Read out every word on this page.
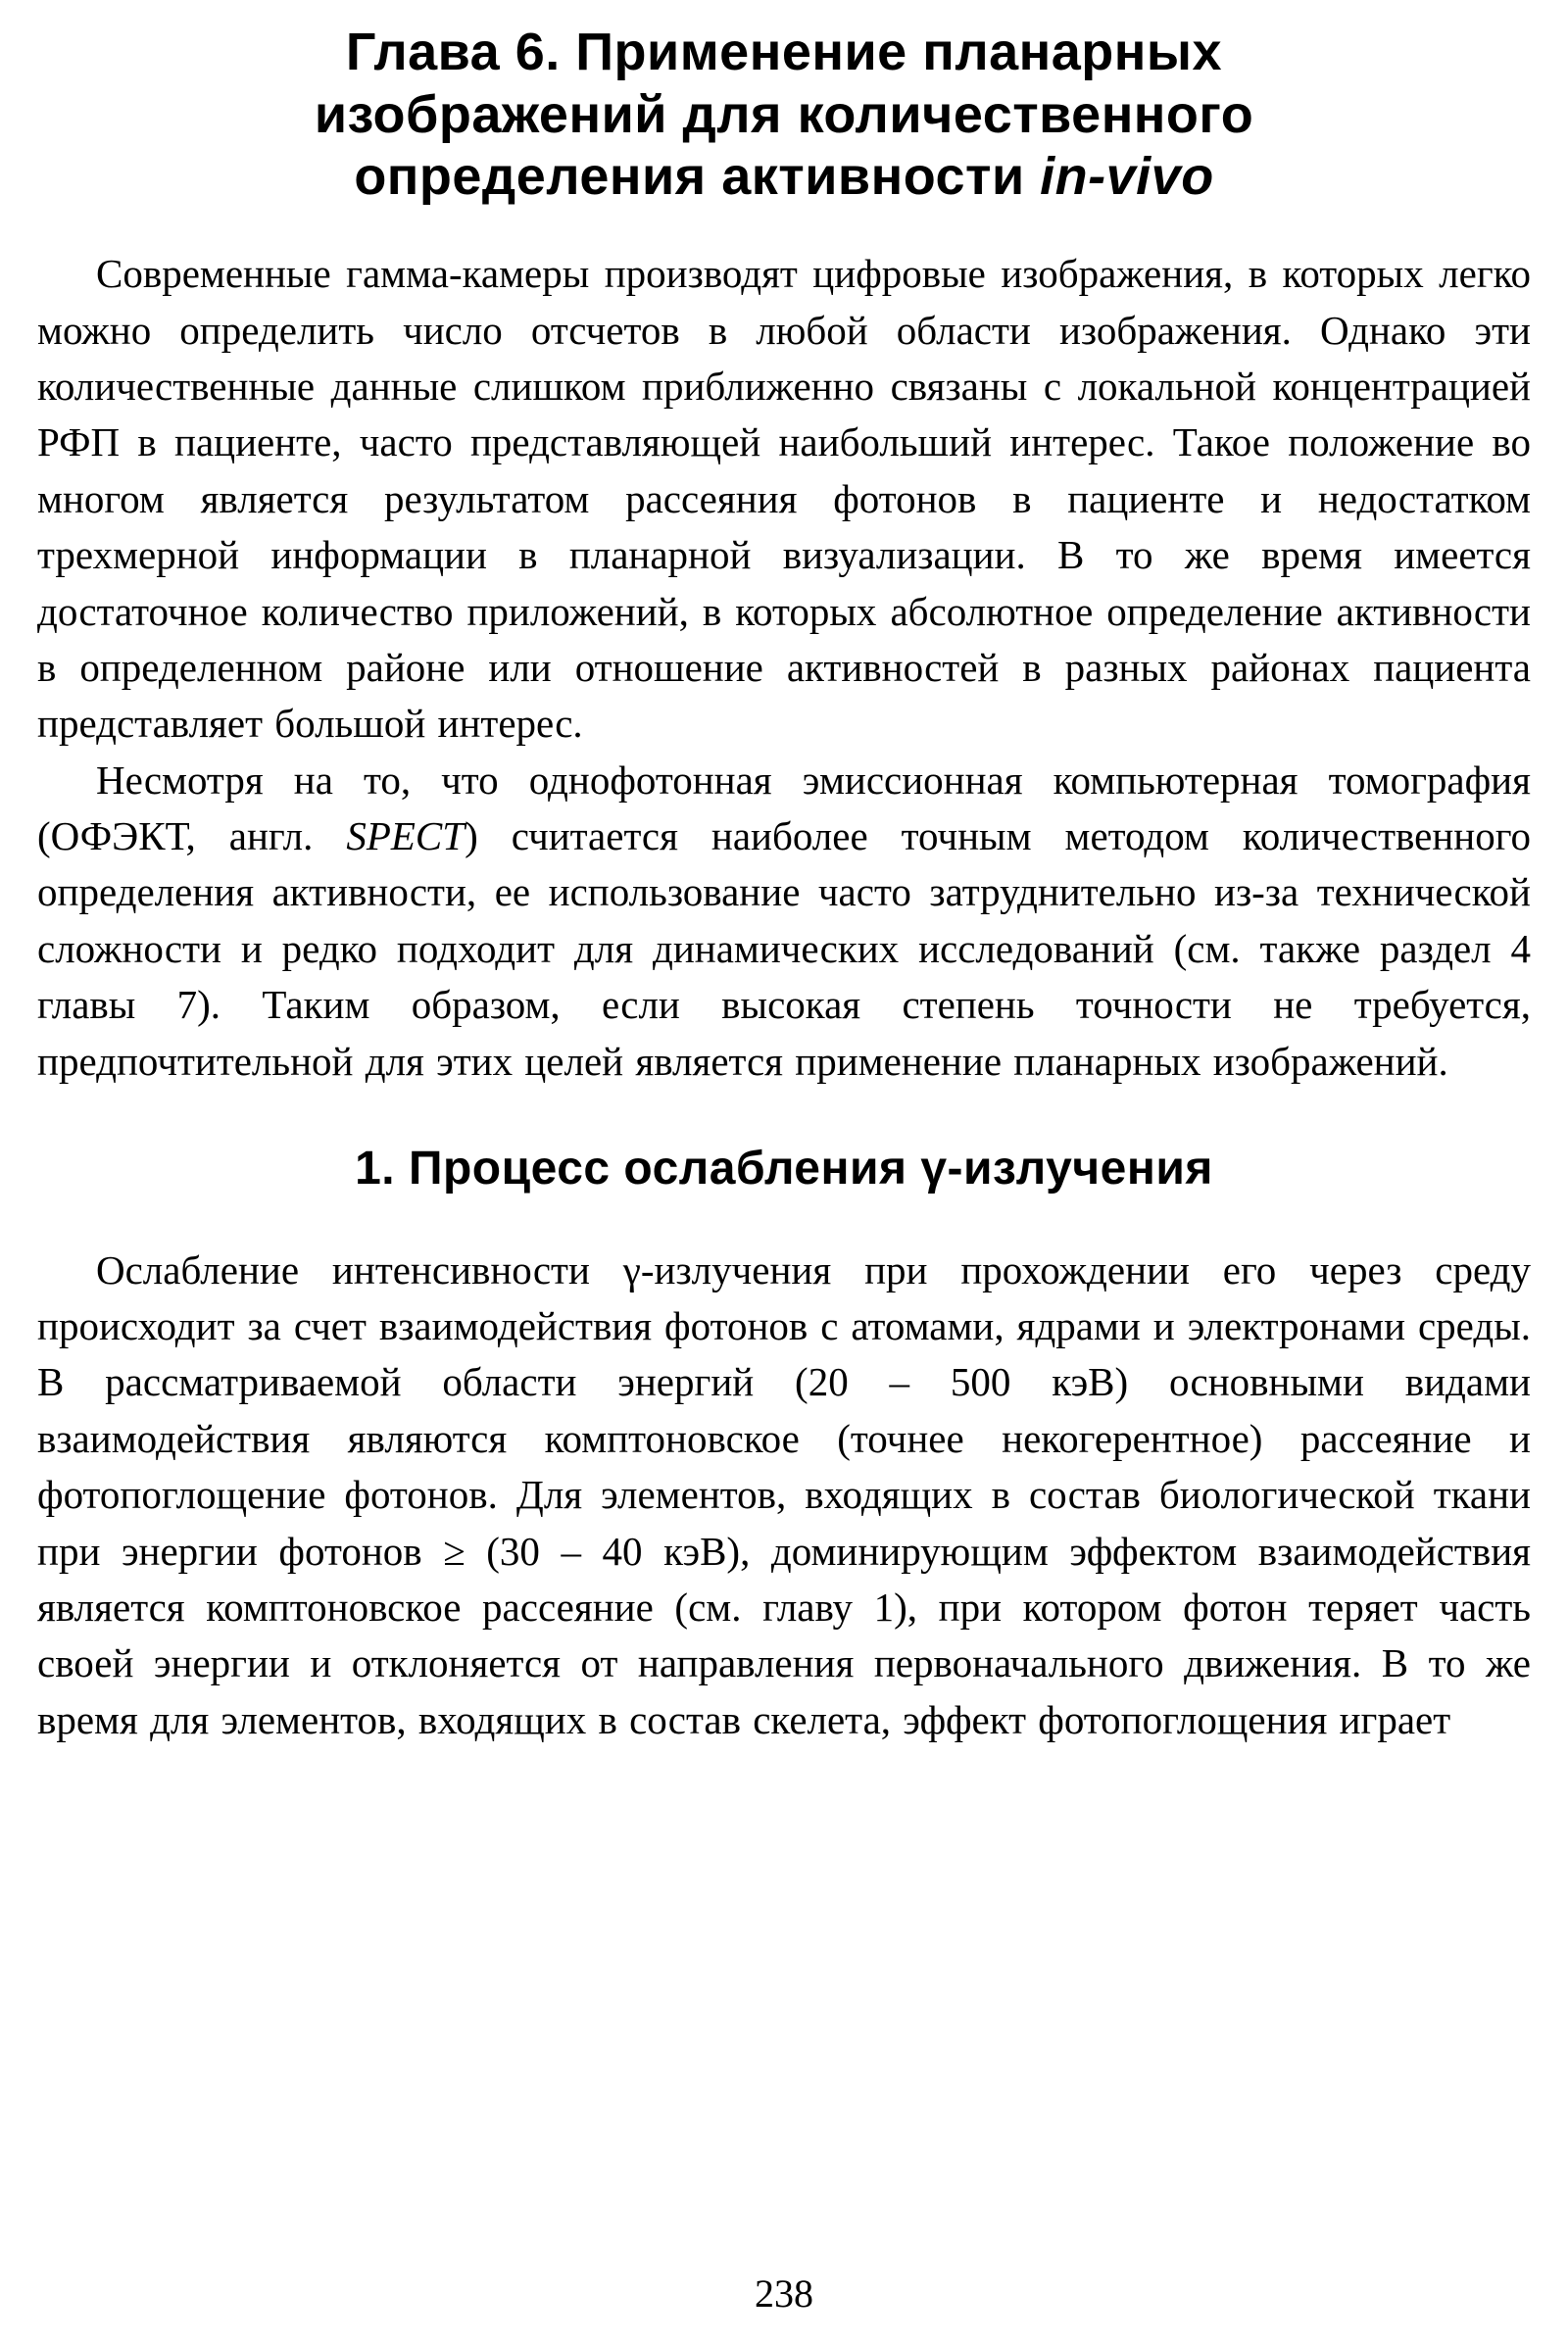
Глава 6. Применение планарных
изображений для количественного
определения активности in-vivo

Современные гамма-камеры производят цифровые изображения, в которых легко можно определить число отсчетов в любой области изображения. Однако эти количественные данные слишком приближенно связаны с локальной концентрацией РФП в пациенте, часто представляющей наибольший интерес. Такое положение во многом является результатом рассеяния фотонов в пациенте и недостатком трехмерной информации в планарной визуализации. В то же время имеется достаточное количество приложений, в которых абсолютное определение активности в определенном районе или отношение активностей в разных районах пациента представляет большой интерес.

Несмотря на то, что однофотонная эмиссионная компьютерная томография (ОФЭКТ, англ. SPECT) считается наиболее точным методом количественного определения активности, ее использование часто затруднительно из-за технической сложности и редко подходит для динамических исследований (см. также раздел 4 главы 7). Таким образом, если высокая степень точности не требуется, предпочтительной для этих целей является применение планарных изображений.

1. Процесс ослабления γ-излучения

Ослабление интенсивности γ-излучения при прохождении его через среду происходит за счет взаимодействия фотонов с атомами, ядрами и электронами среды. В рассматриваемой области энергий (20 – 500 кэВ) основными видами взаимодействия являются комптоновское (точнее некогерентное) рассеяние и фотопоглощение фотонов. Для элементов, входящих в состав биологической ткани при энергии фотонов ≥ (30 – 40 кэВ), доминирующим эффектом взаимодействия является комптоновское рассеяние (см. главу 1), при котором фотон теряет часть своей энергии и отклоняется от направления первоначального движения. В то же время для элементов, входящих в состав скелета, эффект фотопоглощения играет

238
